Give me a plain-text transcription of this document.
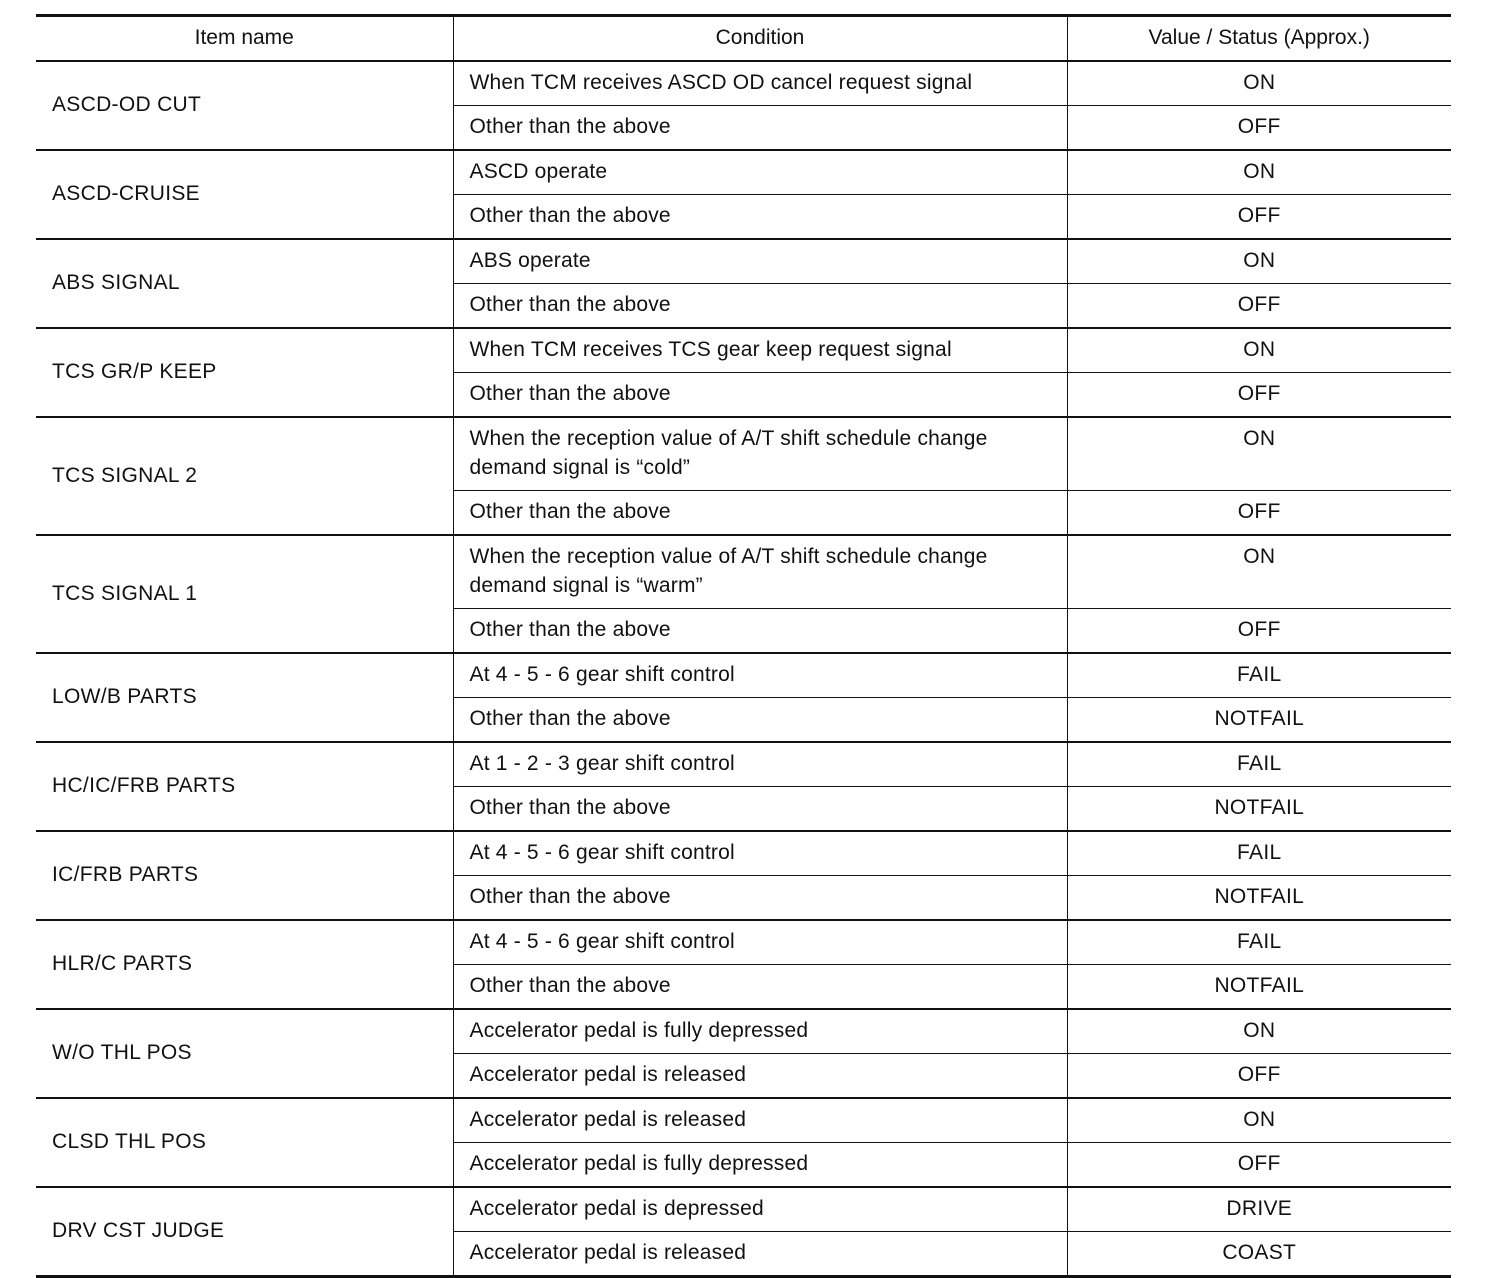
Item name	Condition	Value / Status (Approx.)
ASCD-OD CUT	When TCM receives ASCD OD cancel request signal	ON
	Other than the above	OFF
ASCD-CRUISE	ASCD operate	ON
	Other than the above	OFF
ABS SIGNAL	ABS operate	ON
	Other than the above	OFF
TCS GR/P KEEP	When TCM receives TCS gear keep request signal	ON
	Other than the above	OFF
TCS SIGNAL 2	When the reception value of A/T shift schedule change demand signal is “cold”	ON
	Other than the above	OFF
TCS SIGNAL 1	When the reception value of A/T shift schedule change demand signal is “warm”	ON
	Other than the above	OFF
LOW/B PARTS	At 4 - 5 - 6 gear shift control	FAIL
	Other than the above	NOTFAIL
HC/IC/FRB PARTS	At 1 - 2 - 3 gear shift control	FAIL
	Other than the above	NOTFAIL
IC/FRB PARTS	At 4 - 5 - 6 gear shift control	FAIL
	Other than the above	NOTFAIL
HLR/C PARTS	At 4 - 5 - 6 gear shift control	FAIL
	Other than the above	NOTFAIL
W/O THL POS	Accelerator pedal is fully depressed	ON
	Accelerator pedal is released	OFF
CLSD THL POS	Accelerator pedal is released	ON
	Accelerator pedal is fully depressed	OFF
DRV CST JUDGE	Accelerator pedal is depressed	DRIVE
	Accelerator pedal is released	COAST
